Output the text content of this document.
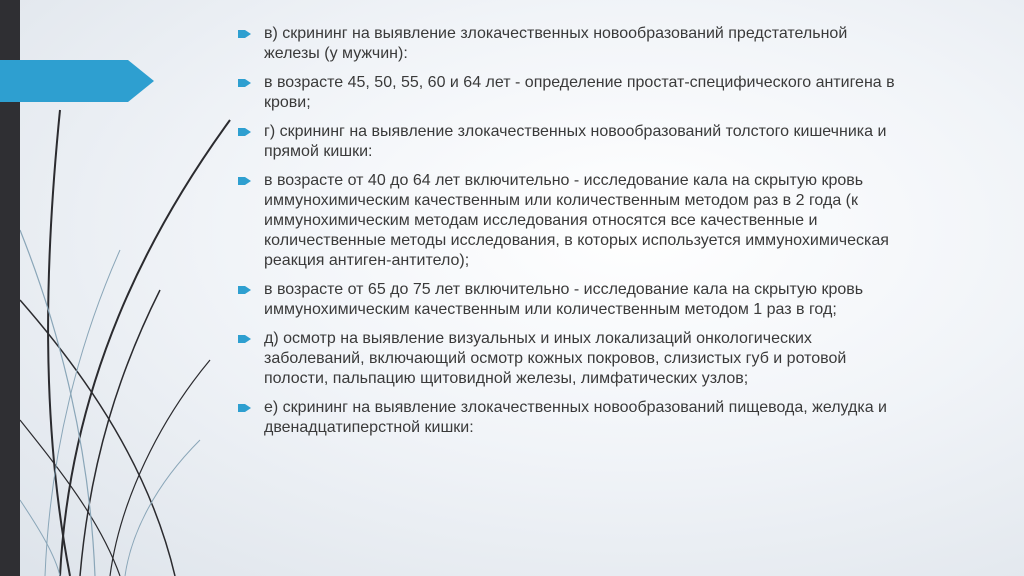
в) скрининг на выявление злокачественных новообразований предстательной железы (у мужчин):
в возрасте 45, 50, 55, 60 и 64 лет - определение простат-специфического антигена в крови;
г) скрининг на выявление злокачественных новообразований толстого кишечника и прямой кишки:
в возрасте от 40 до 64 лет включительно - исследование кала на скрытую кровь иммунохимическим качественным или количественным методом раз в 2 года (к иммунохимическим методам исследования относятся все качественные и количественные методы исследования, в которых используется иммунохимическая реакция антиген-антитело);
в возрасте от 65 до 75 лет включительно - исследование кала на скрытую кровь иммунохимическим качественным или количественным методом 1 раз в год;
д) осмотр на выявление визуальных и иных локализаций онкологических заболеваний, включающий осмотр кожных покровов, слизистых губ и ротовой полости, пальпацию щитовидной железы, лимфатических узлов;
е) скрининг на выявление злокачественных новообразований пищевода, желудка и двенадцатиперстной кишки:
